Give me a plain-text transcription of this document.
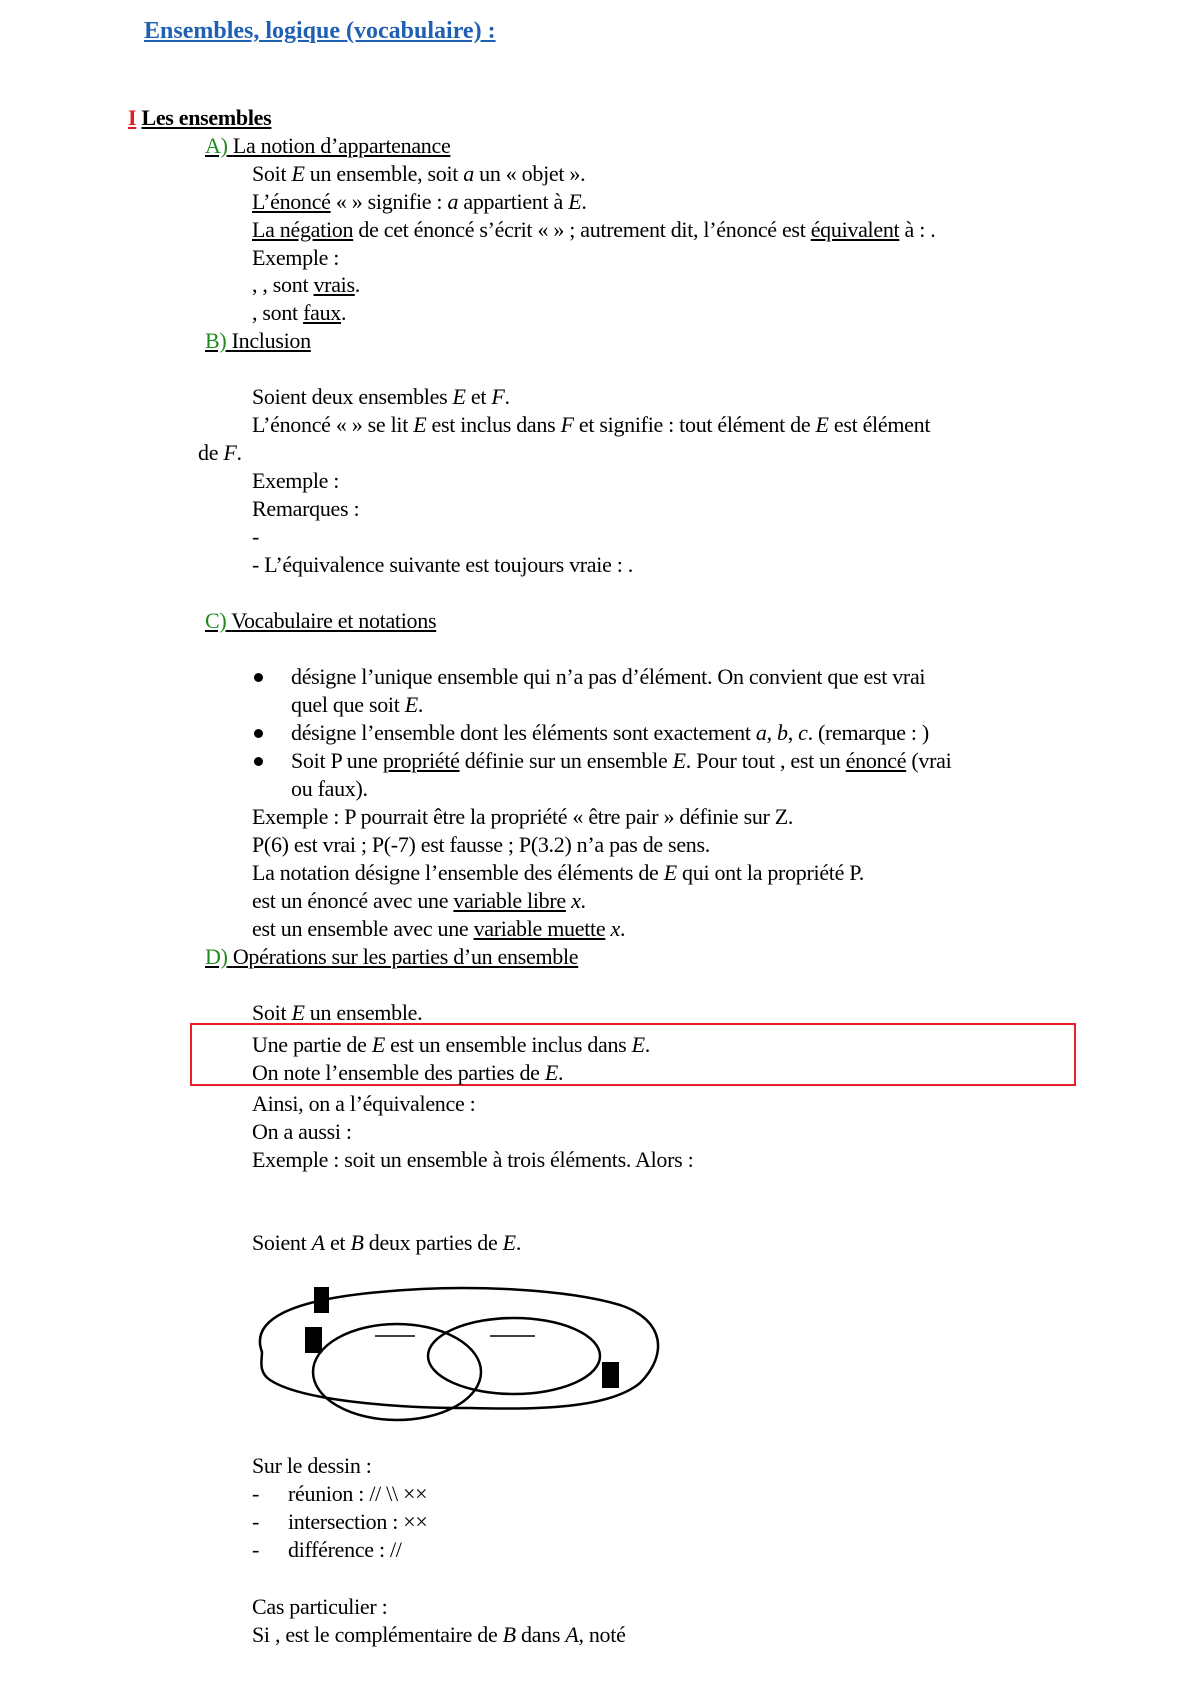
Ensembles, logique (vocabulaire) :
I Les ensembles
A) La notion d’appartenance
Soit E un ensemble, soit a un « objet ».
L’énoncé « » signifie : a appartient à E.
La négation de cet énoncé s’écrit « » ; autrement dit, l’énoncé est équivalent à : .
Exemple :
, , sont vrais.
, sont faux.
B) Inclusion
Soient deux ensembles E et F.
L’énoncé « » se lit E est inclus dans F et signifie : tout élément de E est élément
de F.
Exemple :
Remarques :
-
- L’équivalence suivante est toujours vraie : .
C) Vocabulaire et notations
désigne l’unique ensemble qui n’a pas d’élément. On convient que est vrai
quel que soit E.
désigne l’ensemble dont les éléments sont exactement a, b, c. (remarque : )
Soit P une propriété définie sur un ensemble E. Pour tout , est un énoncé (vrai
ou faux).
Exemple : P pourrait être la propriété « être pair » définie sur Z.
P(6) est vrai ; P(-7) est fausse ; P(3.2) n’a pas de sens.
La notation désigne l’ensemble des éléments de E qui ont la propriété P.
est un énoncé avec une variable libre x.
est un ensemble avec une variable muette x.
D) Opérations sur les parties d’un ensemble
Soit E un ensemble.
Une partie de E est un ensemble inclus dans E.
On note l’ensemble des parties de E.
Ainsi, on a l’équivalence :
On a aussi :
Exemple : soit un ensemble à trois éléments. Alors :
Soient A et B deux parties de E.
Sur le dessin :
- réunion : // \\ ××
- intersection : ××
- différence : //
Cas particulier :
Si , est le complémentaire de B dans A, noté
